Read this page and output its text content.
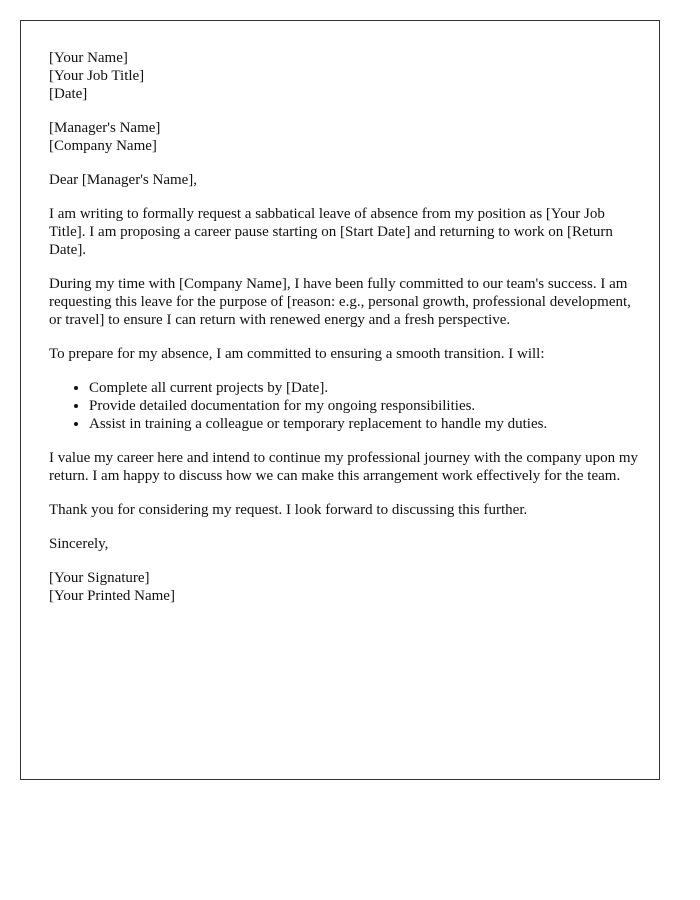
[Your Name]
[Your Job Title]
[Date]
[Manager's Name]
[Company Name]

Dear [Manager's Name],

I am writing to formally request a sabbatical leave of absence from my position as [Your Job Title]. I am proposing a career pause starting on [Start Date] and returning to work on [Return Date].

During my time with [Company Name], I have been fully committed to our team's success. I am requesting this leave for the purpose of [reason: e.g., personal growth, professional development, or travel] to ensure I can return with renewed energy and a fresh perspective.

To prepare for my absence, I am committed to ensuring a smooth transition. I will:

• Complete all current projects by [Date].
• Provide detailed documentation for my ongoing responsibilities.
• Assist in training a colleague or temporary replacement to handle my duties.

I value my career here and intend to continue my professional journey with the company upon my return. I am happy to discuss how we can make this arrangement work effectively for the team.

Thank you for considering my request. I look forward to discussing this further.

Sincerely,

[Your Signature]
[Your Printed Name]
